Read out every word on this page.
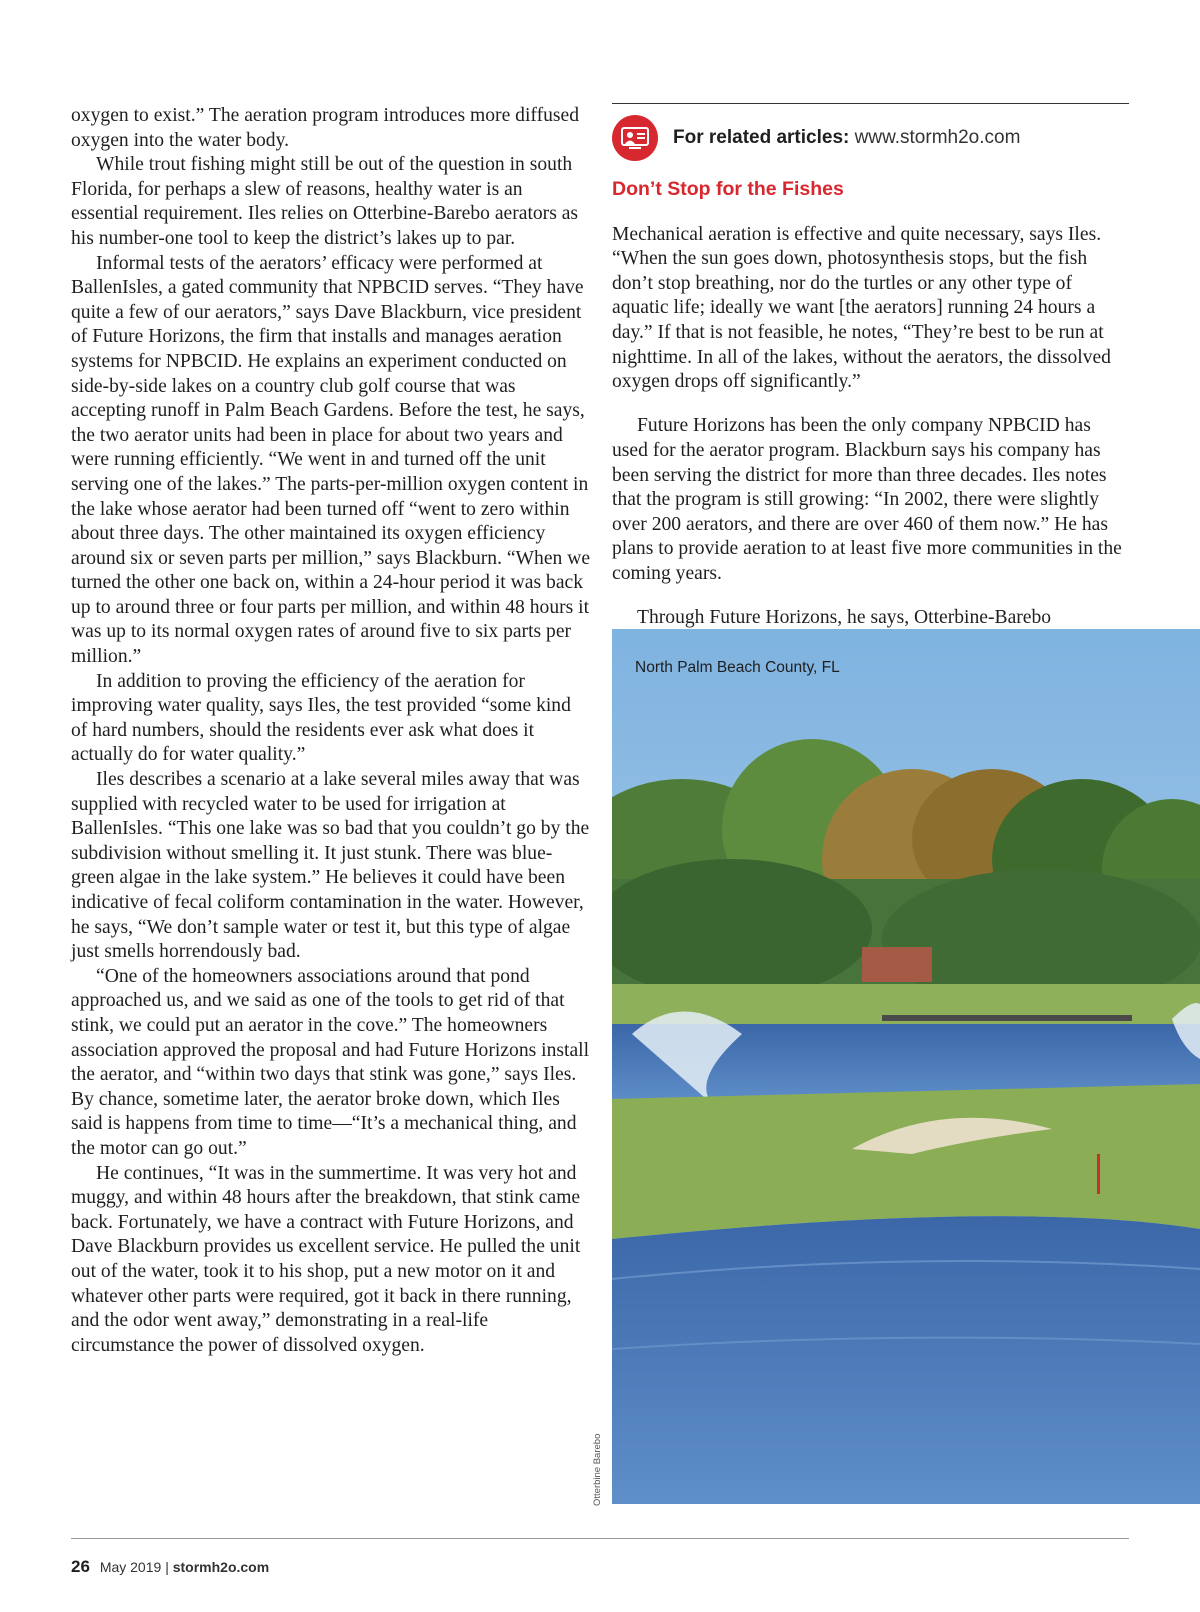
oxygen to exist.” The aeration program introduces more diffused oxygen into the water body.

While trout fishing might still be out of the question in south Florida, for perhaps a slew of reasons, healthy water is an essential requirement. Iles relies on Otterbine-Barebo aerators as his number-one tool to keep the district’s lakes up to par.

Informal tests of the aerators’ efficacy were performed at BallenIsles, a gated community that NPBCID serves. “They have quite a few of our aerators,” says Dave Blackburn, vice president of Future Horizons, the firm that installs and manages aeration systems for NPBCID. He explains an experiment conducted on side-by-side lakes on a country club golf course that was accepting runoff in Palm Beach Gardens. Before the test, he says, the two aerator units had been in place for about two years and were running efficiently. “We went in and turned off the unit serving one of the lakes.” The parts-per-million oxygen content in the lake whose aerator had been turned off “went to zero within about three days. The other maintained its oxygen efficiency around six or seven parts per million,” says Blackburn. “When we turned the other one back on, within a 24-hour period it was back up to around three or four parts per million, and within 48 hours it was up to its normal oxygen rates of around five to six parts per million.”

In addition to proving the efficiency of the aeration for improving water quality, says Iles, the test provided “some kind of hard numbers, should the residents ever ask what does it actually do for water quality.”

Iles describes a scenario at a lake several miles away that was supplied with recycled water to be used for irrigation at BallenIsles. “This one lake was so bad that you couldn’t go by the subdivision without smelling it. It just stunk. There was blue-green algae in the lake system.” He believes it could have been indicative of fecal coliform contamination in the water. However, he says, “We don’t sample water or test it, but this type of algae just smells horrendously bad.

“One of the homeowners associations around that pond approached us, and we said as one of the tools to get rid of that stink, we could put an aerator in the cove.” The homeowners association approved the proposal and had Future Horizons install the aerator, and “within two days that stink was gone,” says Iles. By chance, sometime later, the aerator broke down, which Iles said is happens from time to time—“It’s a mechanical thing, and the motor can go out.”

He continues, “It was in the summertime. It was very hot and muggy, and within 48 hours after the breakdown, that stink came back. Fortunately, we have a contract with Future Horizons, and Dave Blackburn provides us excellent service. He pulled the unit out of the water, took it to his shop, put a new motor on it and whatever other parts were required, got it back in there running, and the odor went away,” demonstrating in a real-life circumstance the power of dissolved oxygen.

For related articles: www.stormh2o.com
Don’t Stop for the Fishes

Mechanical aeration is effective and quite necessary, says Iles. “When the sun goes down, photosynthesis stops, but the fish don’t stop breathing, nor do the turtles or any other type of aquatic life; ideally we want [the aerators] running 24 hours a day.” If that is not feasible, he notes, “They’re best to be run at nighttime. In all of the lakes, without the aerators, the dissolved oxygen drops off significantly.”

Future Horizons has been the only company NPBCID has used for the aerator program. Blackburn says his company has been serving the district for more than three decades. Iles notes that the program is still growing: “In 2002, there were slightly over 200 aerators, and there are over 460 of them now.” He has plans to provide aeration to at least five more communities in the coming years.

Through Future Horizons, he says, Otterbine-Barebo

North Palm Beach County, FL
Otterbine Barebo
26 May 2019 | stormh2o.com
